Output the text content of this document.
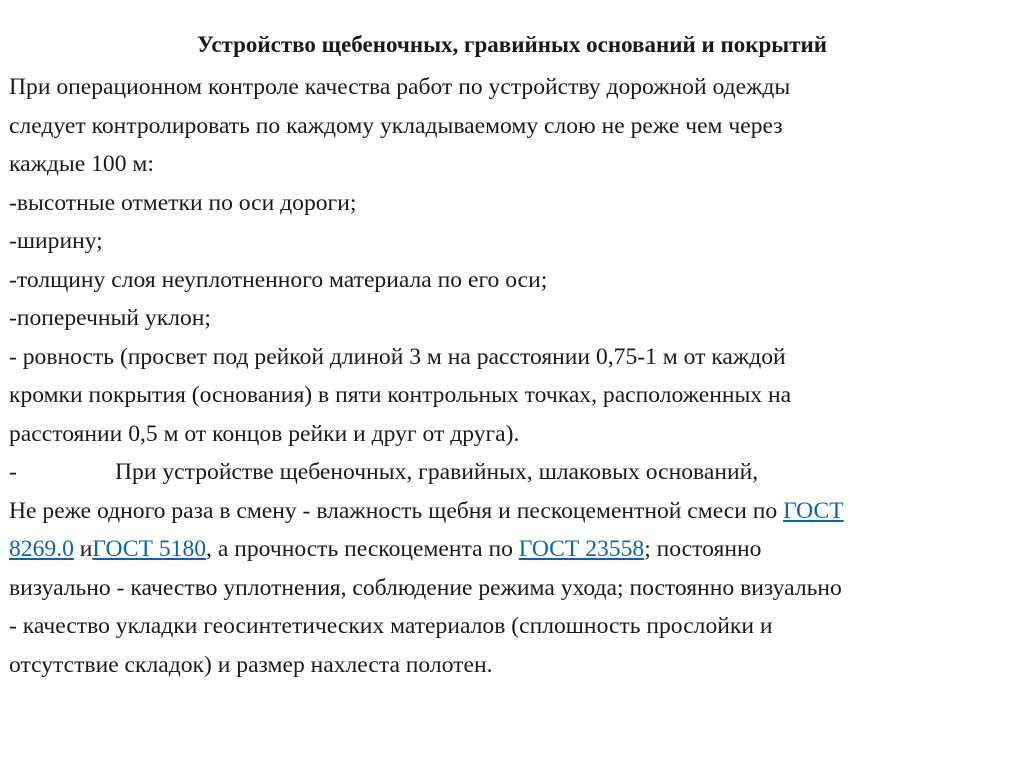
Устройство щебеночных, гравийных оснований и покрытий
При операционном контроле качества работ по устройству дорожной одежды
следует контролировать по каждому укладываемому слою не реже чем через
каждые 100 м:
-высотные отметки по оси дороги;
-ширину;
-толщину слоя неуплотненного материала по его оси;
-поперечный уклон;
- ровность (просвет под рейкой длиной 3 м на расстоянии 0,75-1 м от каждой
кромки покрытия (основания) в пяти контрольных точках, расположенных на
расстоянии 0,5 м от концов рейки и друг от друга).
-	При устройстве щебеночных, гравийных, шлаковых оснований,
Не реже одного раза в смену - влажность щебня и пескоцементной смеси по ГОСТ
8269.0 иГОСТ 5180, а прочность пескоцемента по ГОСТ 23558; постоянно
визуально - качество уплотнения, соблюдение режима ухода; постоянно визуально
- качество укладки геосинтетических материалов (сплошность прослойки и
отсутствие складок) и размер нахлеста полотен.
